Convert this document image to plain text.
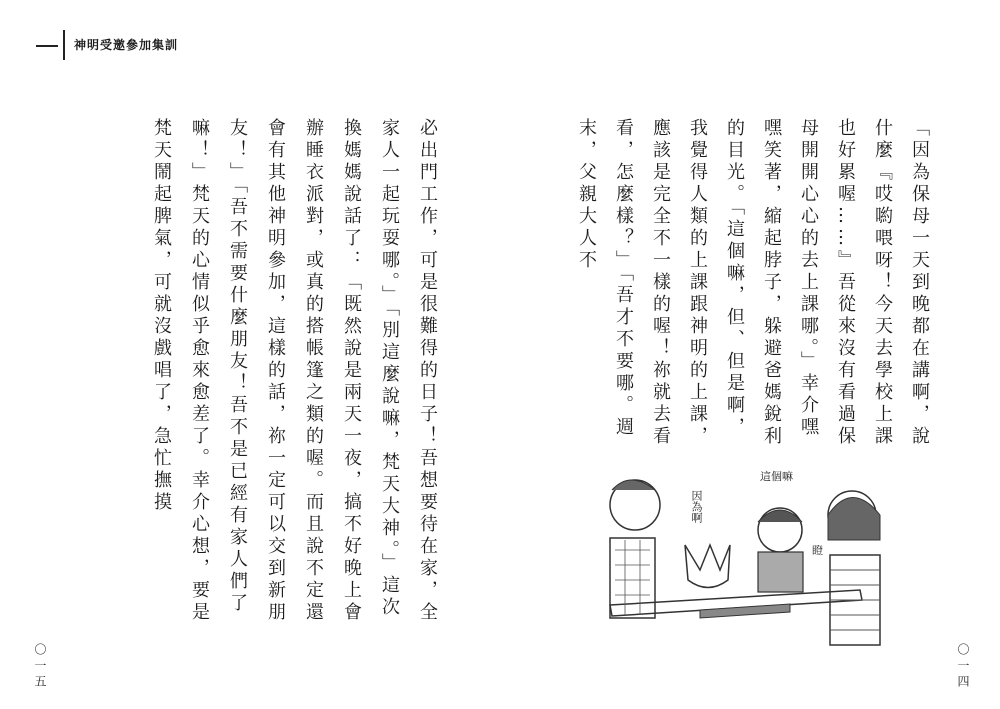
神明受邀參加集訓
必出門工作，可是很難得的日子！吾想要待在家，全家人一起玩耍哪。」「別這麼說嘛，梵天大神。」這次換媽媽說話了：「既然說是兩天一夜，搞不好晚上會辦睡衣派對，或真的搭帳篷之類的喔。而且說不定還會有其他神明參加，這樣的話，祢一定可以交到新朋友！」「吾不需要什麼朋友！吾不是已經有家人們了嘛！」梵天的心情似乎愈來愈差了。幸介心想，要是梵天鬧起脾氣，可就沒戲唱了，急忙撫摸	「因為保母一天到晚都在講啊，說什麼『哎喲喂呀！今天去學校上課也好累喔……』吾從來沒有看過保母開開心心的去上課哪。」幸介嘿嘿笑著，縮起脖子，躲避爸媽銳利的目光。「這個嘛，但、但是啊，我覺得人類的上課跟神明的上課，應該是完全不一樣的喔！祢就去看看，怎麼樣？」「吾才不要哪。週末，父親大人不
因為啊
這個嘛
瞪
〇一五	〇一四
